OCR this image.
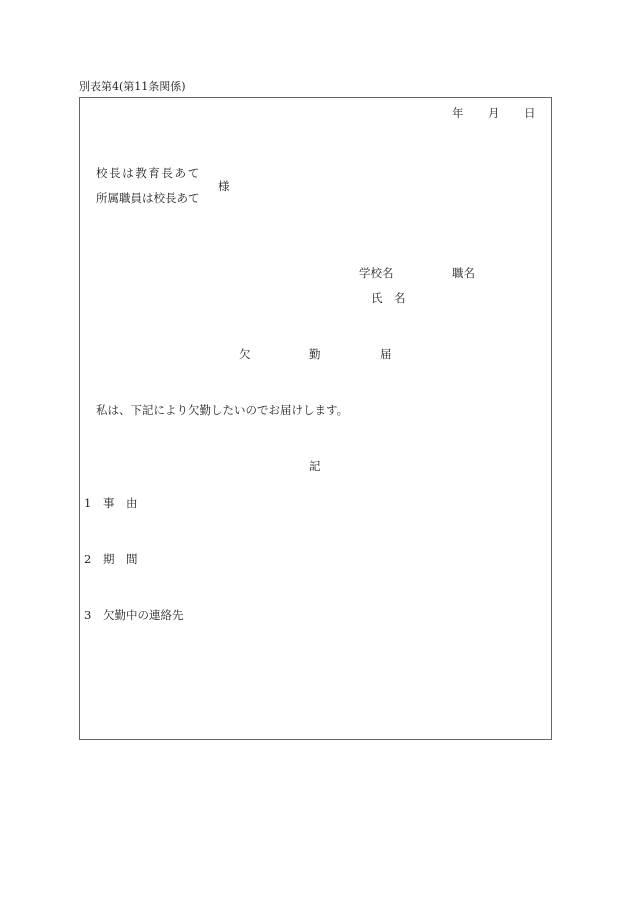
別表第4(第11条関係)
年 月 日
校長は教育長あて
所属職員は校長あて
様
学校名	職名
氏　名
欠	勤	届
私は、下記により欠勤したいのでお届けします。
記
1 事　由
2 期　間
3 欠勤中の連絡先
